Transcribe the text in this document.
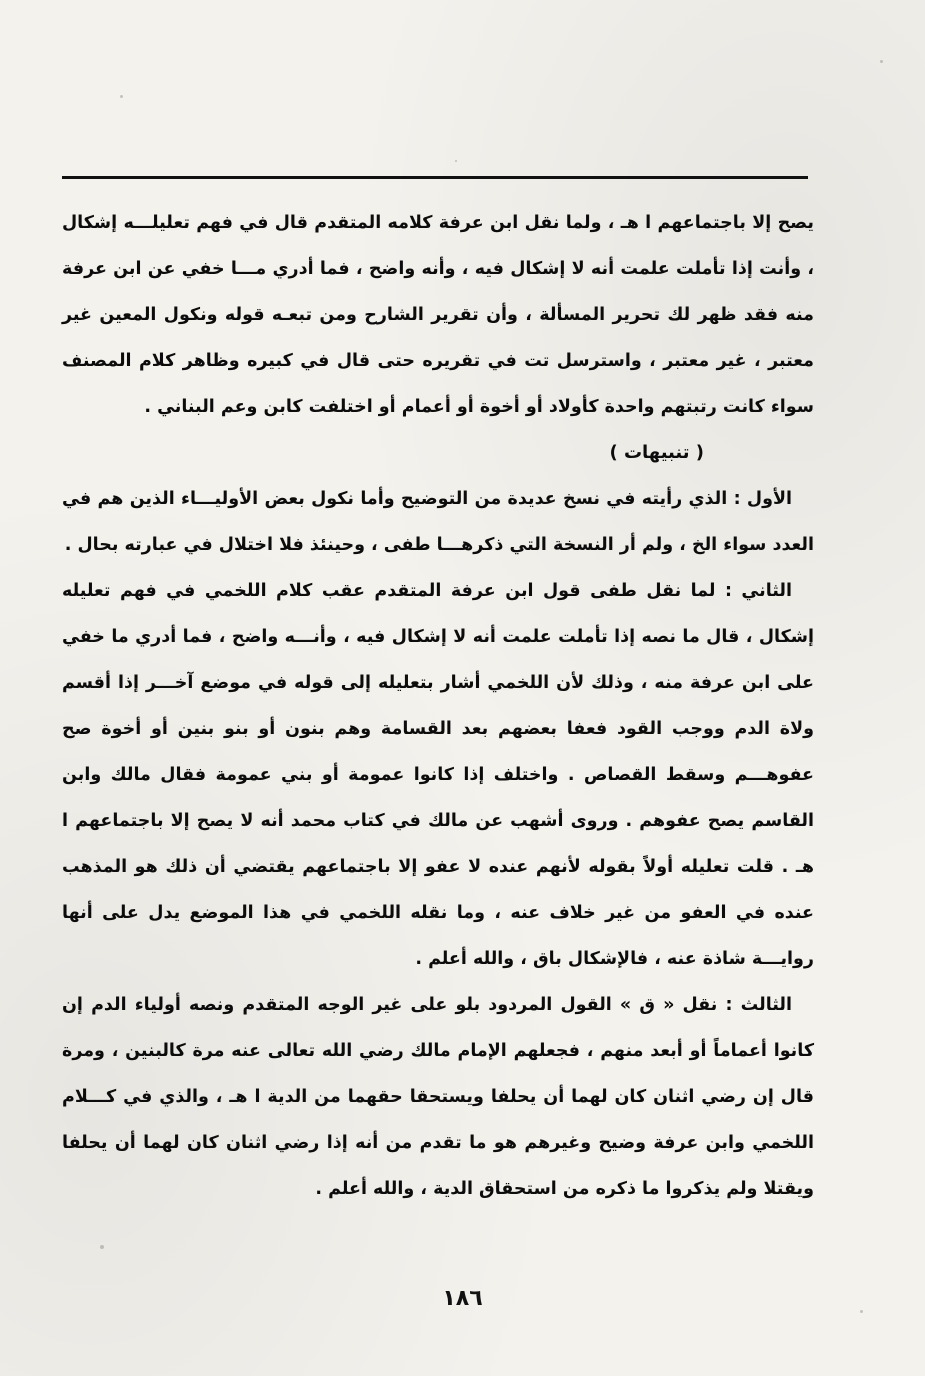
يصح إلا باجتماعهم ا هـ ، ولما نقل ابن عرفة كلامه المتقدم قال في فهم تعليلـــه إشكال ، وأنت إذا تأملت علمت أنه لا إشكال فيه ، وأنه واضح ، فما أدري مـــا خفي عن ابن عرفة منه فقد ظهر لك تحرير المسألة ، وأن تقرير الشارح ومن تبعـه قوله ونكول المعين غير معتبر ، غير معتبر ، واسترسل تت في تقريره حتى قال في كبيره وظاهر كلام المصنف سواء كانت رتبتهم واحدة كأولاد أو أخوة أو أعمام أو اختلفت كابن وعم البناني .

( تنبيهات )

الأول : الذي رأيته في نسخ عديدة من التوضيح وأما نكول بعض الأوليـــاء الذين هم في العدد سواء الخ ، ولم أر النسخة التي ذكرهـــا طفى ، وحينئذ فلا اختلال في عبارته بحال .

الثاني : لما نقل طفى قول ابن عرفة المتقدم عقب كلام اللخمي في فهم تعليله إشكال ، قال ما نصه إذا تأملت علمت أنه لا إشكال فيه ، وأنـــه واضح ، فما أدري ما خفي على ابن عرفة منه ، وذلك لأن اللخمي أشار بتعليله إلى قوله في موضع آخـــر إذا أقسم ولاة الدم ووجب القود فعفا بعضهم بعد القسامة وهم بنون أو بنو بنين أو أخوة صح عفوهـــم وسقط القصاص . واختلف إذا كانوا عمومة أو بني عمومة فقال مالك وابن القاسم يصح عفوهم . وروى أشهب عن مالك في كتاب محمد أنه لا يصح إلا باجتماعهم ا هـ . قلت تعليله أولاً بقوله لأنهم عنده لا عفو إلا باجتماعهم يقتضي أن ذلك هو المذهب عنده في العفو من غير خلاف عنه ، وما نقله اللخمي في هذا الموضع يدل على أنها روايـــة شاذة عنه ، فالإشكال باق ، والله أعلم .

الثالث : نقل « ق » القول المردود بلو على غير الوجه المتقدم ونصه أولياء الدم إن كانوا أعماماً أو أبعد منهم ، فجعلهم الإمام مالك رضي الله تعالى عنه مرة كالبنين ، ومرة قال إن رضي اثنان كان لهما أن يحلفا ويستحقا حقهما من الدية ا هـ ، والذي في كـــلام اللخمي وابن عرفة وضيح وغيرهم هو ما تقدم من أنه إذا رضي اثنان كان لهما أن يحلفا ويقتلا ولم يذكروا ما ذكره من استحقاق الدية ، والله أعلم .

١٨٦
